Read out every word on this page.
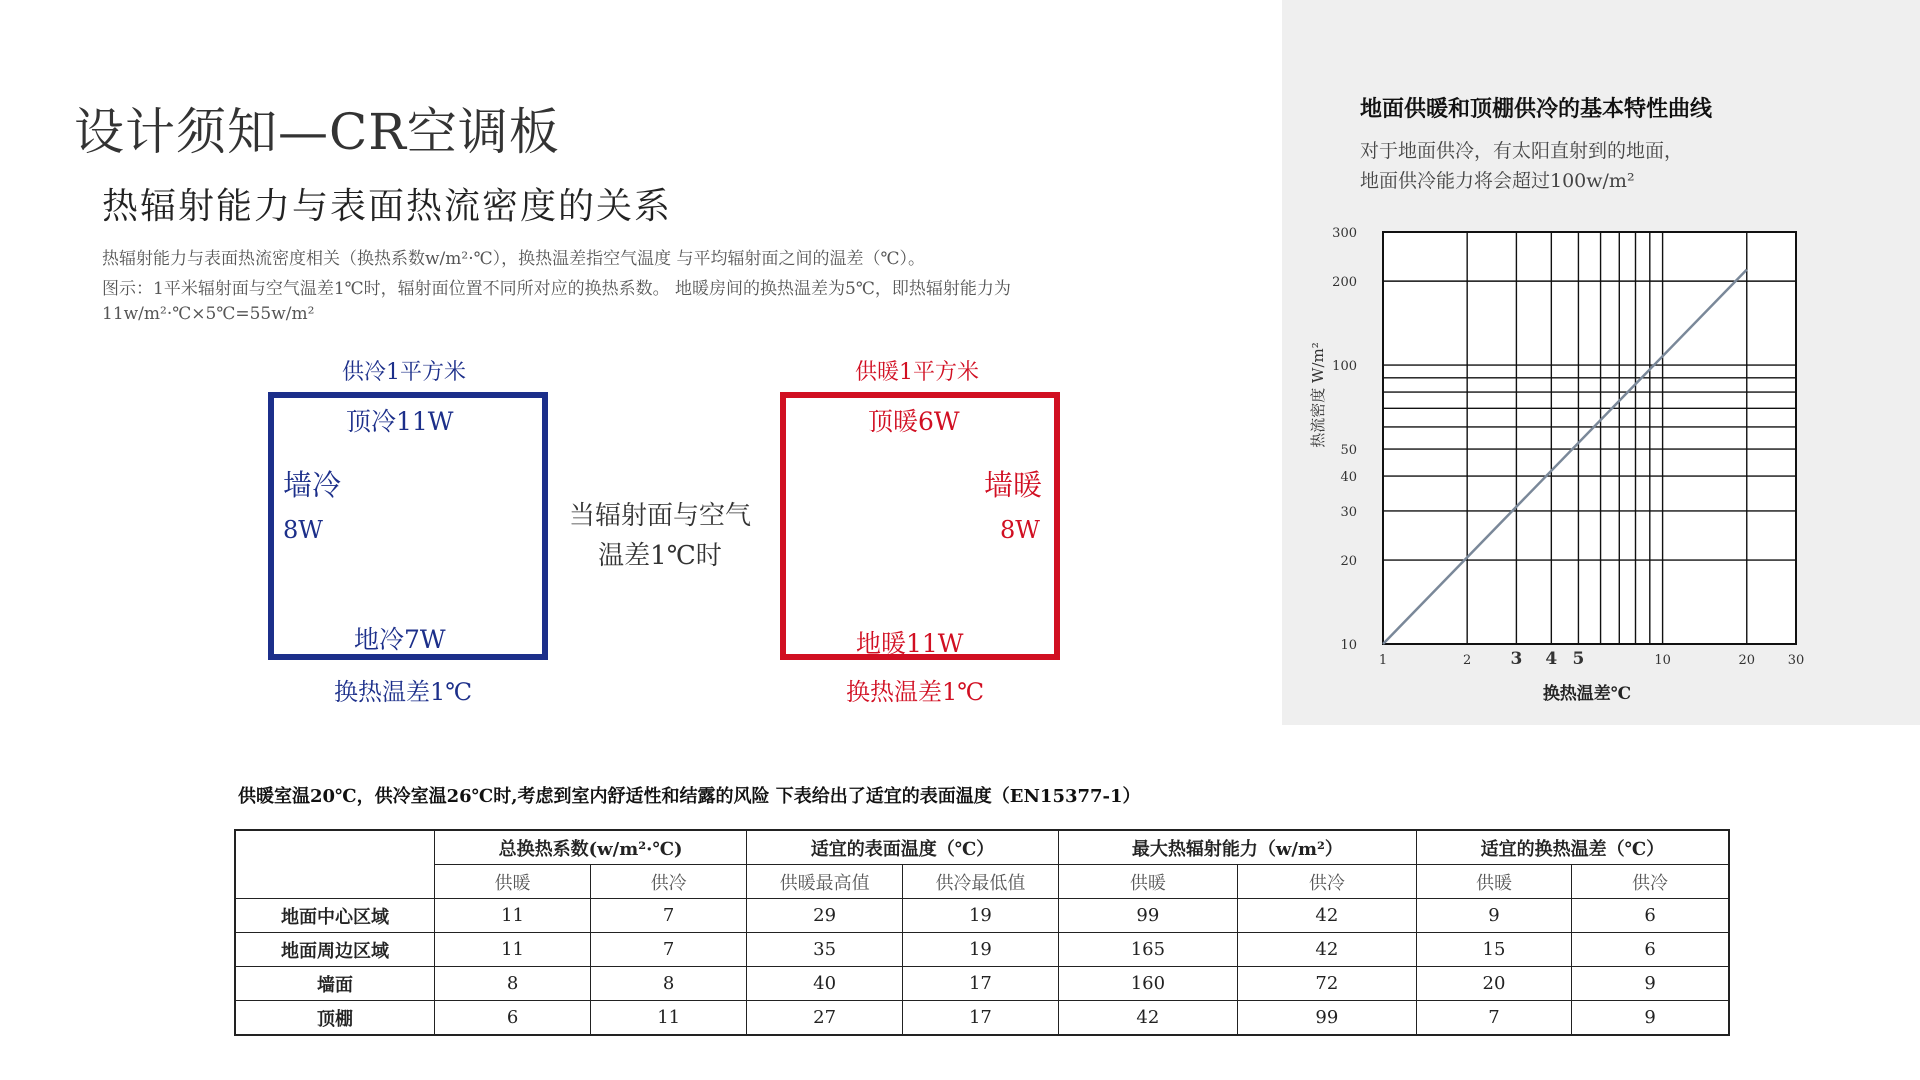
设计须知—CR空调板
热辐射能力与表面热流密度的关系
热辐射能力与表面热流密度相关（换热系数w/m²·℃），换热温差指空气温度 与平均辐射面之间的温差（℃）。
图示：1平米辐射面与空气温差1℃时，辐射面位置不同所对应的换热系数。 地暖房间的换热温差为5℃，即热辐射能力为
11w/m²·℃×5℃=55w/m²
供冷1平方米
顶冷11W
墙冷
8W
地冷7W
换热温差1℃
当辐射面与空气
温差1℃时
供暖1平方米
顶暖6W
墙暖
8W
地暖11W
换热温差1℃
地面供暖和顶棚供冷的基本特性曲线
对于地面供冷，有太阳直射到的地面，
地面供冷能力将会超过100w/m²
1	2 3 4 5	10	20	30
10
20
30
40
50
100
200
300
热流密度 W/m²
换热温差℃
供暖室温20℃，供冷室温26℃时,考虑到室内舒适性和结露的风险 下表给出了适宜的表面温度（EN15377-1）
	总换热系数(w/m²·℃)		适宜的表面温度（℃）		最大热辐射能力（w/m²）		适宜的换热温差（℃）	
	供暖	供冷	供暖最高值	供冷最低值	供暖	供冷	供暖	供冷
地面中心区域	11	7	29	19	99	42	9	6
地面周边区域	11	7	35	19	165	42	15	6
墙面	8	8	40	17	160	72	20	9
顶棚	6	11	27	17	42	99	7	9
